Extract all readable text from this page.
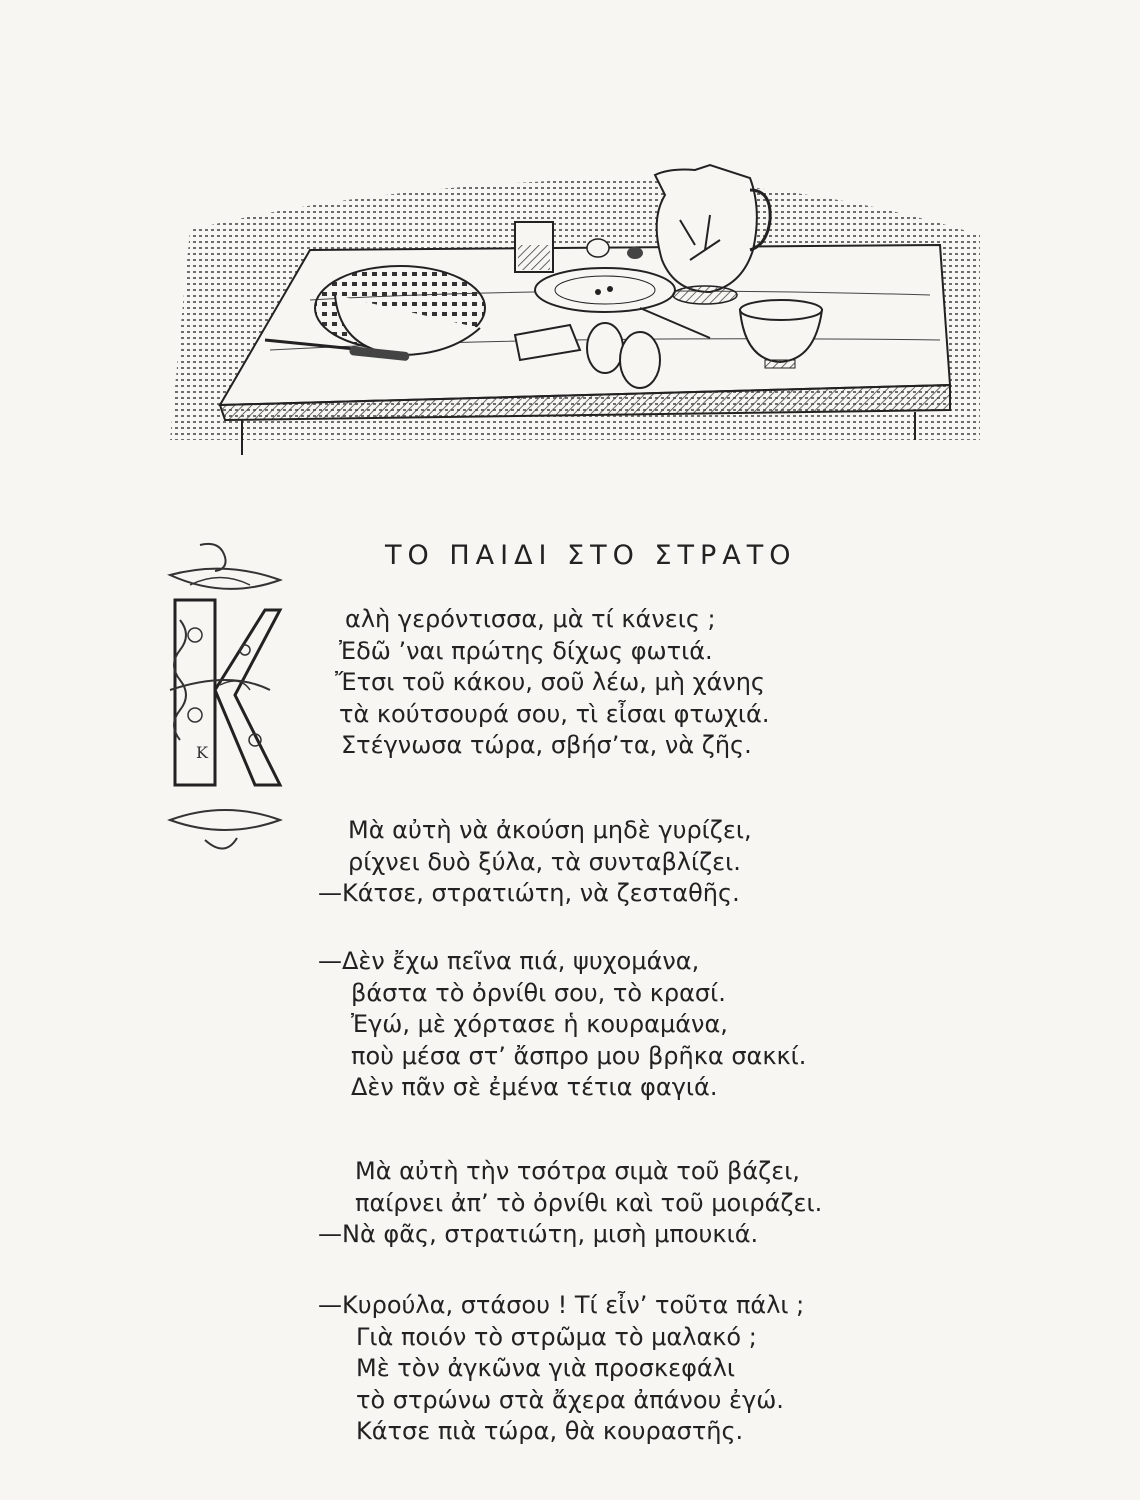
ΤΟ ΠΑΙΔΙ ΣΤΟ ΣΤΡΑΤΟ
Κ
αλὴ γερόντισσα, μὰ τί κάνεις ;
Ἐδῶ ’ναι πρώτης δίχως φωτιά.
Ἔτσι τοῦ κάκου, σοῦ λέω, μὴ χάνης
τὰ κούτσουρά σου, τὶ εἶσαι φτωχιά.
Στέγνωσα τώρα, σβήσ’τα, νὰ ζῆς.
Μὰ αὐτὴ νὰ ἀκούση μηδὲ γυρίζει,
ρίχνει δυὸ ξύλα, τὰ συνταβλίζει.
—Κάτσε, στρατιώτη, νὰ ζεσταθῆς.
—Δὲν ἔχω πεῖνα πιά, ψυχομάνα,
βάστα τὸ ὀρνίθι σου, τὸ κρασί.
Ἐγώ, μὲ χόρτασε ἡ κουραμάνα,
ποὺ μέσα στ’ ἄσπρο μου βρῆκα σακκί.
Δὲν πᾶν σὲ ἐμένα τέτια φαγιά.
Μὰ αὐτὴ τὴν τσότρα σιμὰ τοῦ βάζει,
παίρνει ἀπ’ τὸ ὀρνίθι καὶ τοῦ μοιράζει.
—Νὰ φᾶς, στρατιώτη, μισὴ μπουκιά.
—Κυρούλα, στάσου ! Τί εἶν’ τοῦτα πάλι ;
Γιὰ ποιόν τὸ στρῶμα τὸ μαλακό ;
Μὲ τὸν ἀγκῶνα γιὰ προσκεφάλι
τὸ στρώνω στὰ ἄχερα ἀπάνου ἐγώ.
Κάτσε πιὰ τώρα, θὰ κουραστῆς.
